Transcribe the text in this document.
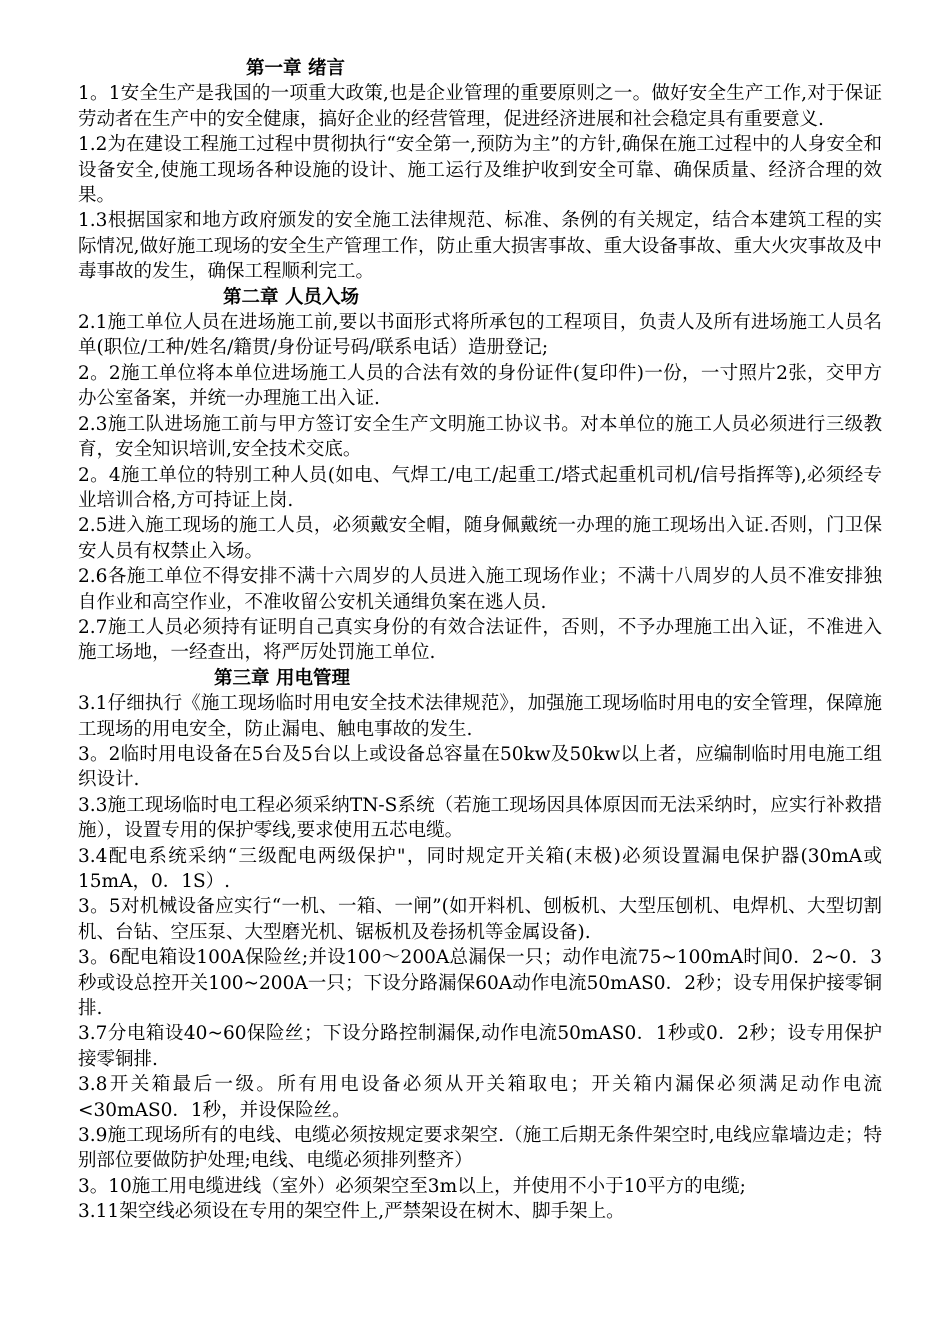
第一章 绪言

1。1安全生产是我国的一项重大政策,也是企业管理的重要原则之一。做好安全生产工作,对于保证劳动者在生产中的安全健康，搞好企业的经营管理，促进经济进展和社会稳定具有重要意义.

1.2为在建设工程施工过程中贯彻执行“安全第一,预防为主”的方针,确保在施工过程中的人身安全和设备安全,使施工现场各种设施的设计、施工运行及维护收到安全可靠、确保质量、经济合理的效果。

1.3根据国家和地方政府颁发的安全施工法律规范、标准、条例的有关规定，结合本建筑工程的实际情况,做好施工现场的安全生产管理工作，防止重大损害事故、重大设备事故、重大火灾事故及中毒事故的发生，确保工程顺利完工。

第二章 人员入场

2.1施工单位人员在进场施工前,要以书面形式将所承包的工程项目，负责人及所有进场施工人员名单(职位/工种/姓名/籍贯/身份证号码/联系电话）造册登记;

2。2施工单位将本单位进场施工人员的合法有效的身份证件(复印件)一份，一寸照片2张，交甲方办公室备案，并统一办理施工出入证.

2.3施工队进场施工前与甲方签订安全生产文明施工协议书。对本单位的施工人员必须进行三级教育，安全知识培训,安全技术交底。

2。4施工单位的特别工种人员(如电、气焊工/电工/起重工/塔式起重机司机/信号指挥等),必须经专业培训合格,方可持证上岗.

2.5进入施工现场的施工人员，必须戴安全帽，随身佩戴统一办理的施工现场出入证.否则，门卫保安人员有权禁止入场。

2.6各施工单位不得安排不满十六周岁的人员进入施工现场作业；不满十八周岁的人员不准安排独自作业和高空作业，不准收留公安机关通缉负案在逃人员.

2.7施工人员必须持有证明自己真实身份的有效合法证件，否则，不予办理施工出入证，不准进入施工场地，一经查出，将严厉处罚施工单位.

第三章 用电管理

3.1仔细执行《施工现场临时用电安全技术法律规范》，加强施工现场临时用电的安全管理，保障施工现场的用电安全，防止漏电、触电事故的发生.

3。2临时用电设备在5台及5台以上或设备总容量在50kw及50kw以上者，应编制临时用电施工组织设计.

3.3施工现场临时电工程必须采纳TN-S系统（若施工现场因具体原因而无法采纳时，应实行补救措施），设置专用的保护零线,要求使用五芯电缆。

3.4配电系统采纳“三级配电两级保护"，同时规定开关箱(末极)必须设置漏电保护器(30mA或15mA，0．1S）.

3。5对机械设备应实行“一机、一箱、一闸”(如开料机、刨板机、大型压刨机、电焊机、大型切割机、台钻、空压泵、大型磨光机、锯板机及卷扬机等金属设备).

3。6配电箱设100A保险丝;并设100～200A总漏保一只；动作电流75~100mA时间0．2~0．3秒或设总控开关100~200A一只；下设分路漏保60A动作电流50mAS0．2秒；设专用保护接零铜排.

3.7分电箱设40~60保险丝；下设分路控制漏保,动作电流50mAS0．1秒或0．2秒；设专用保护接零铜排.

3.8开关箱最后一级。所有用电设备必须从开关箱取电；开关箱内漏保必须满足动作电流<30mAS0．1秒，并设保险丝。

3.9施工现场所有的电线、电缆必须按规定要求架空.（施工后期无条件架空时,电线应靠墙边走；特别部位要做防护处理;电线、电缆必须排列整齐）

3。10施工用电缆进线（室外）必须架空至3m以上，并使用不小于10平方的电缆;

3.11架空线必须设在专用的架空件上,严禁架设在树木、脚手架上。
